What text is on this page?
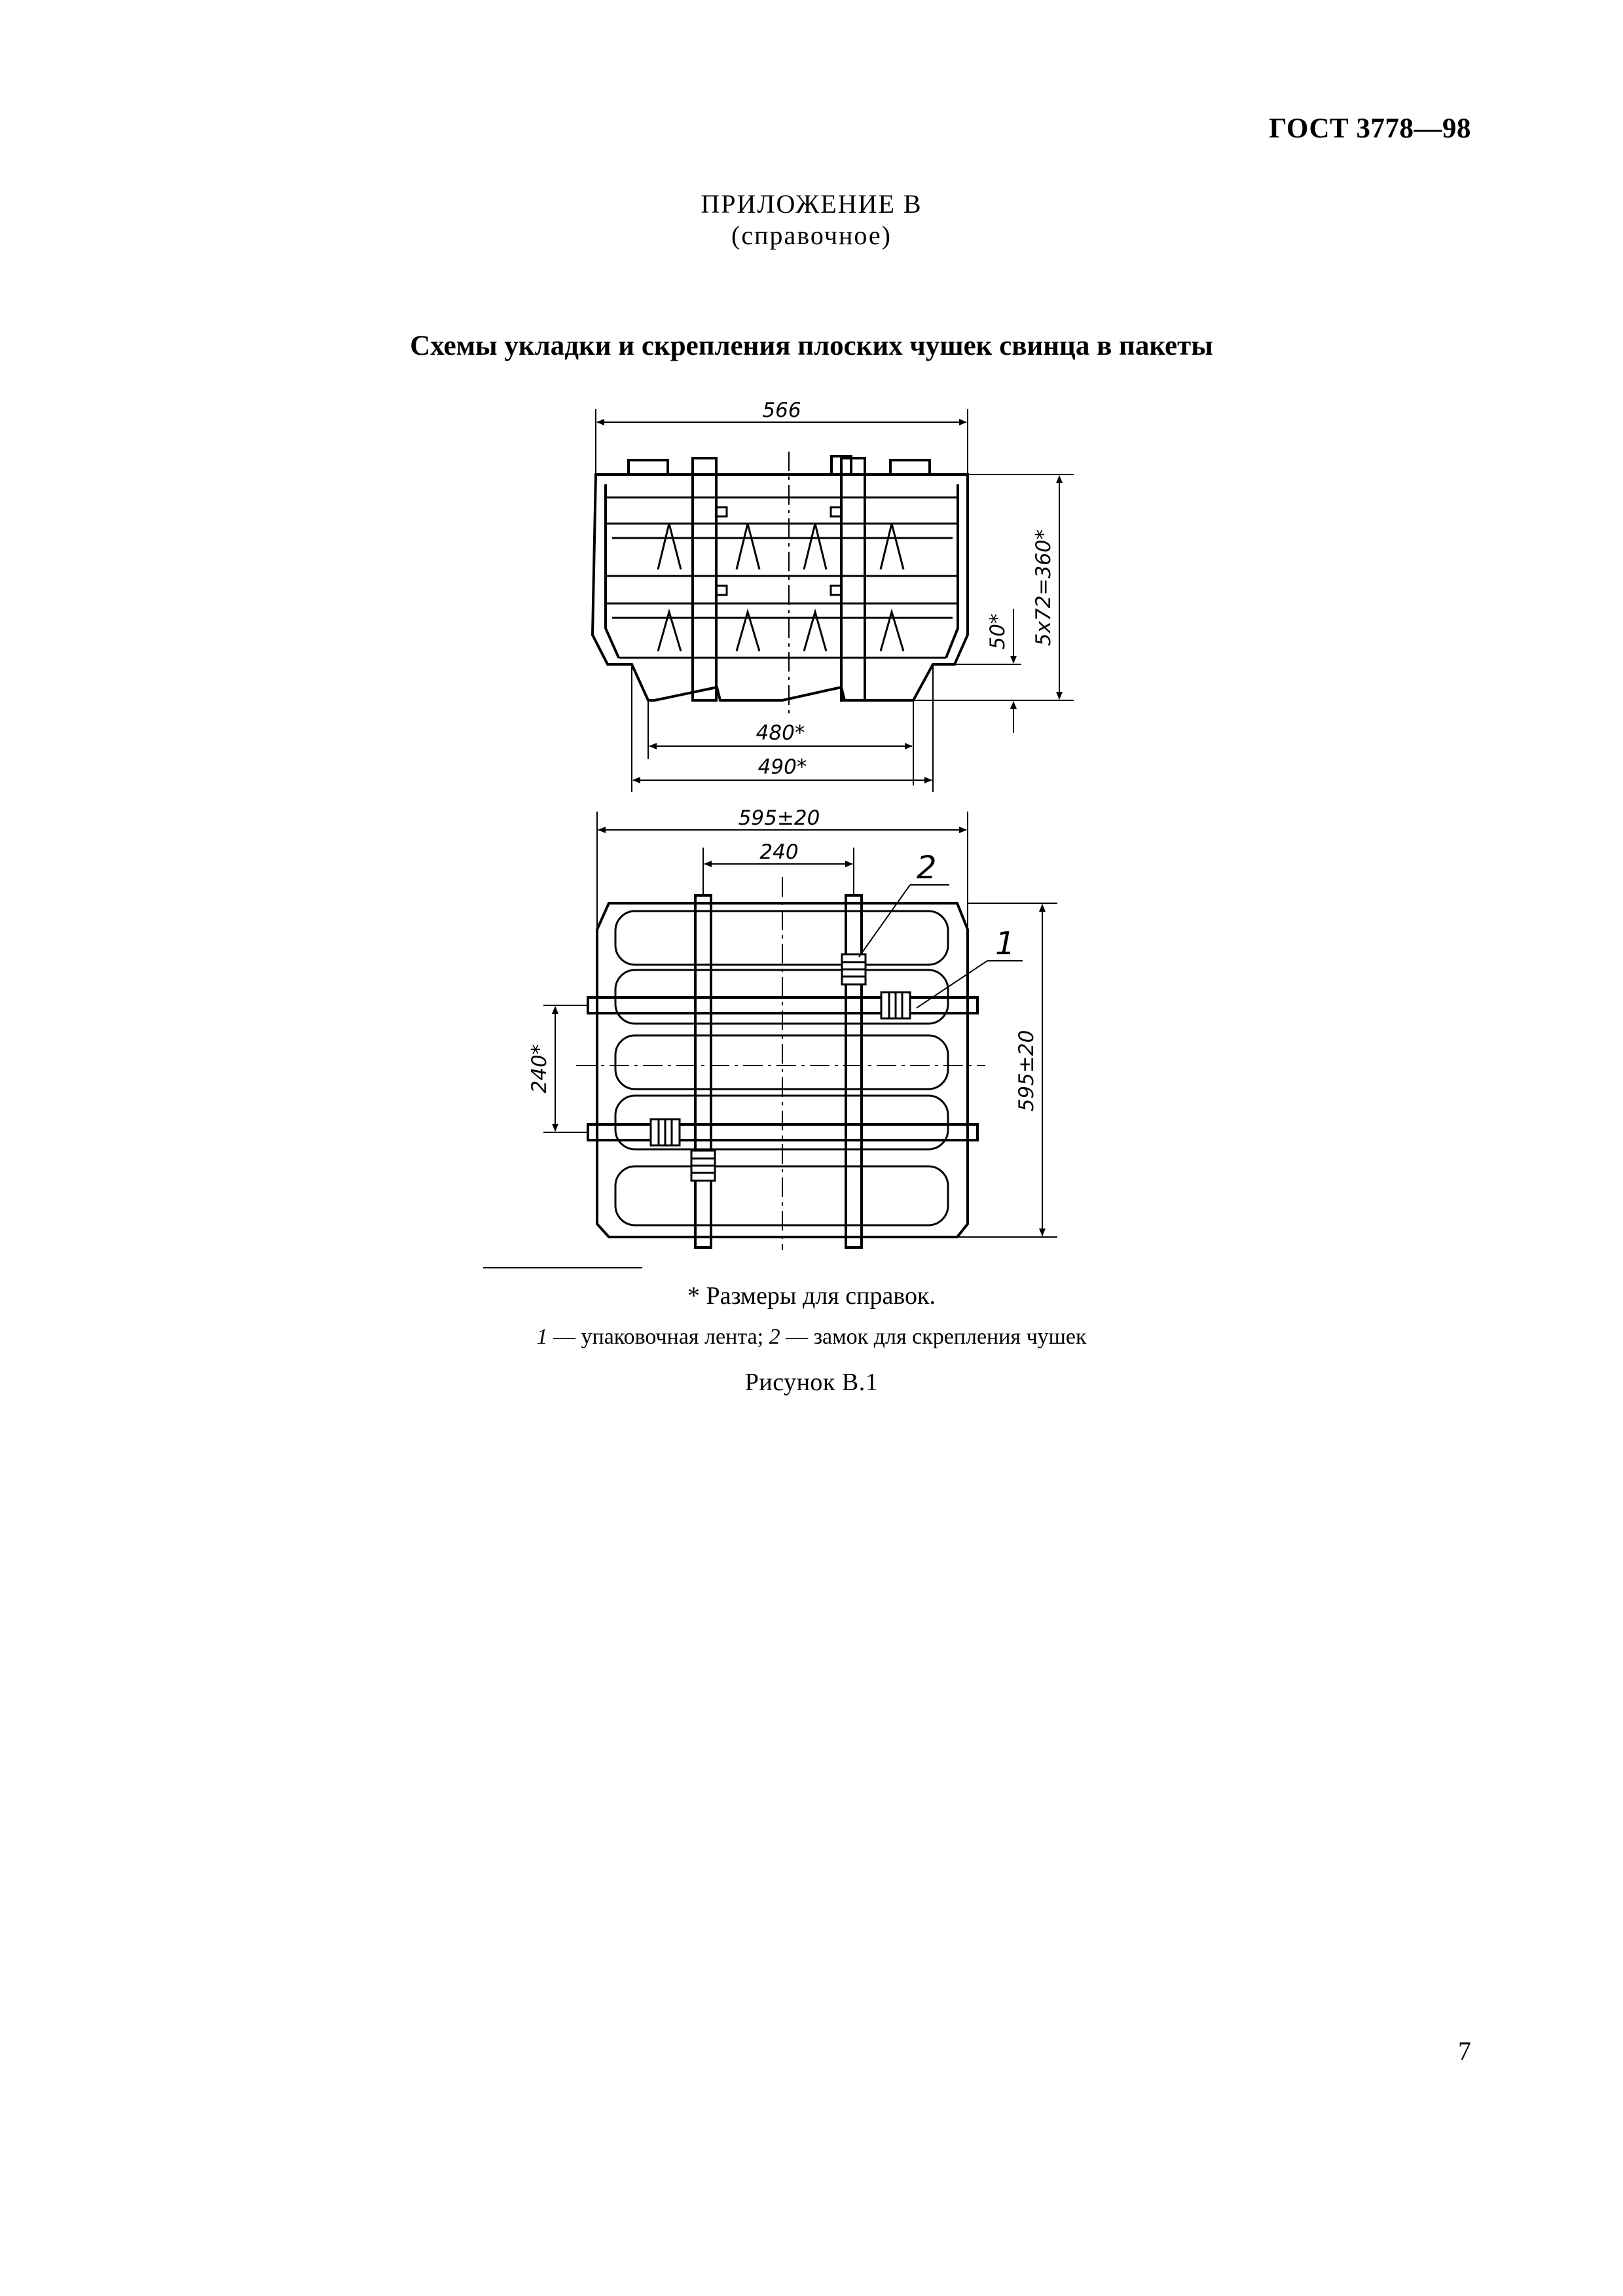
ГОСТ 3778—98
ПРИЛОЖЕНИЕ В
(справочное)
Схемы укладки и скрепления плоских чушек свинца в пакеты
566
5x72=360*
50*
480*
490*
595±20
240
595±20
240*
1
2
* Размеры для справок.
1 — упаковочная лента; 2 — замок для скрепления чушек
Рисунок В.1
7
